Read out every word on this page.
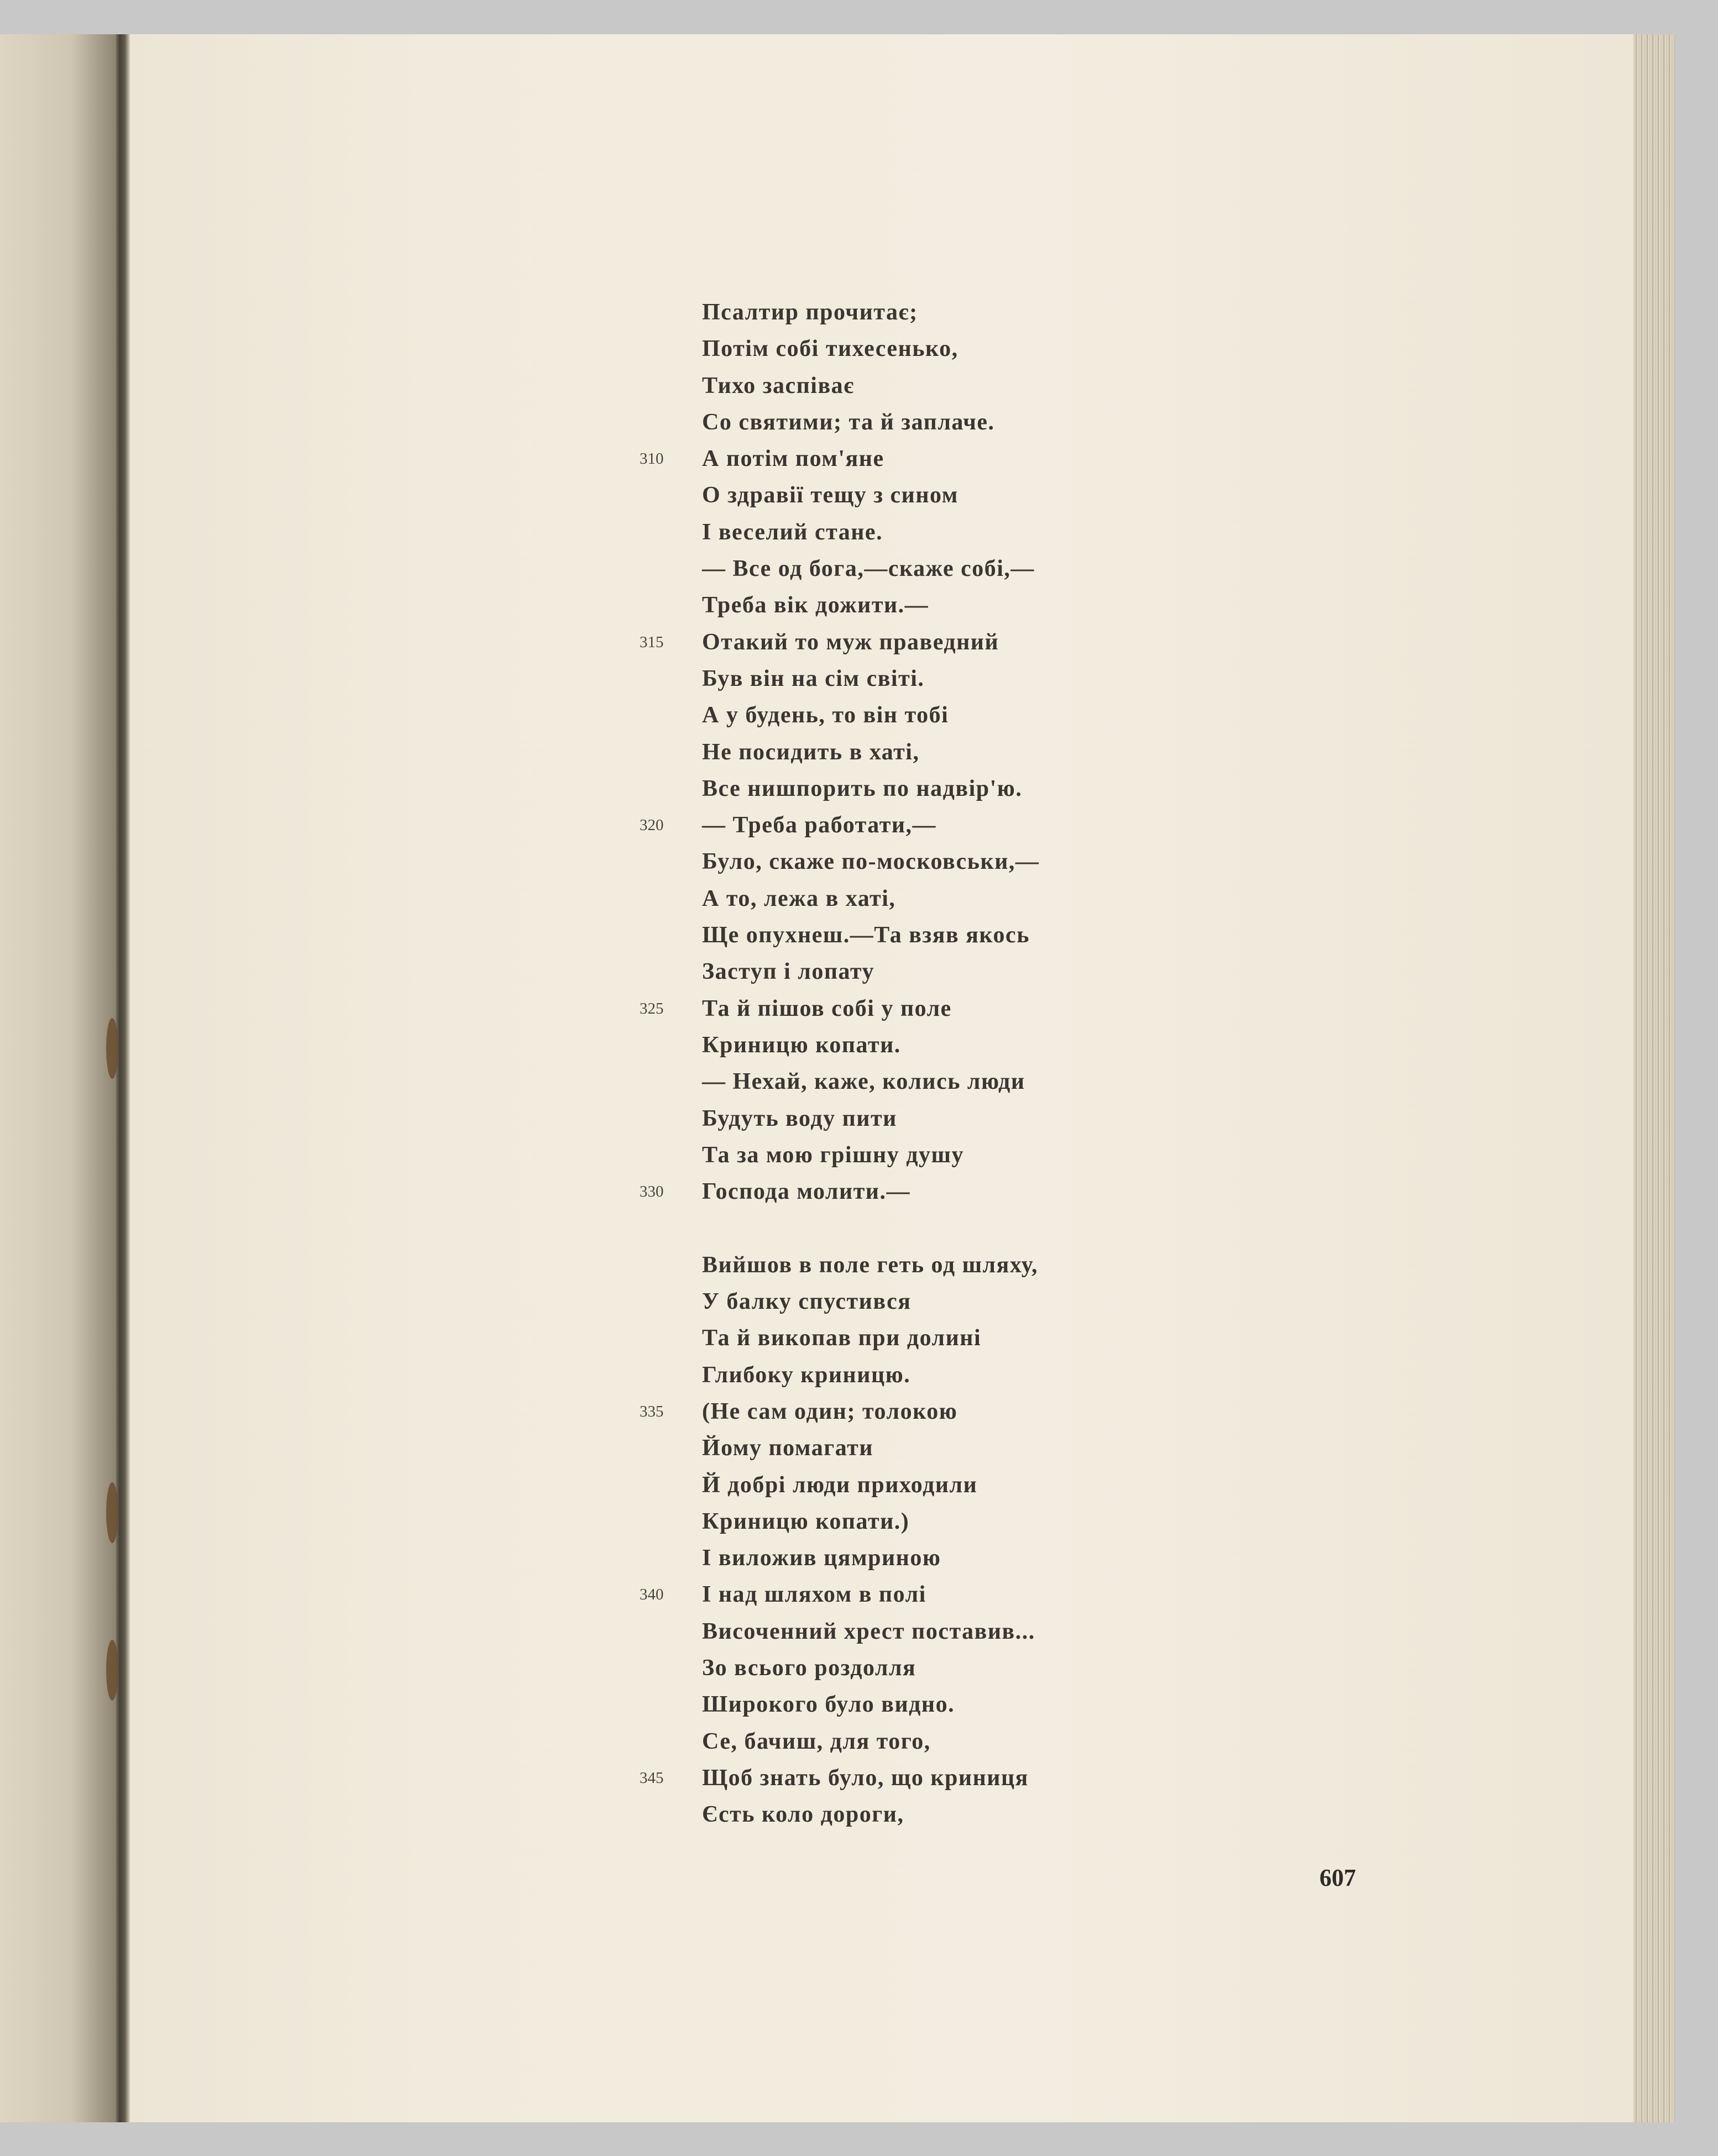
Псалтир прочитає;
Потім собі тихесенько,
Тихо заспіває
Со святими; та й заплаче.
310 А потім пом'яне
О здравії тещу з сином
І веселий стане.
— Все од бога,—скаже собі,—
Треба вік дожити.—
315 Отакий то муж праведний
Був він на сім світі.
А у будень, то він тобі
Не посидить в хаті,
Все нишпорить по надвір'ю.
320 — Треба работати,—
Було, скаже по-московськи,—
А то, лежа в хаті,
Ще опухнеш.—Та взяв якось
Заступ і лопату
325 Та й пішов собі у поле
Криницю копати.
— Нехай, каже, колись люди
Будуть воду пити
Та за мою грішну душу
330 Господа молити.—
Вийшов в поле геть од шляху,
У балку спустився
Та й викопав при долині
Глибоку криницю.
335 (Не сам один; толокою
Йому помагати
Й добрі люди приходили
Криницю копати.)
І виложив цямриною
340 І над шляхом в полі
Височенний хрест поставив...
Зо всього роздолля
Широкого було видно.
Се, бачиш, для того,
345 Щоб знать було, що криниця
Єсть коло дороги,
607
